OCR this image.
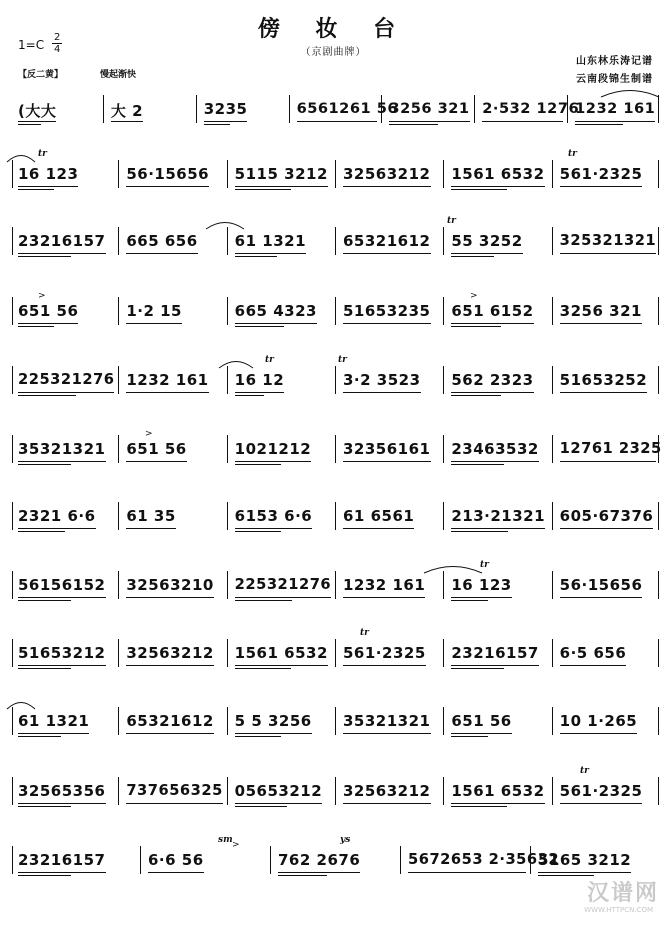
傍 妆 台
（京剧曲牌）
$1=C \frac{2}{4}$
【反二黄】	慢起渐快
山东林乐涛记谱
云南段锦生制谱
(大大	大 2	3235	6561261 56
3256 321 2·532 1276
1232 161
16 123	56·15656 5115 3212 32563212 1561 6532 561·2325
tr	tr
23216157 665 656 61 1321 65321612 55 3252	325321321
tr
651 56	1·2 15	665 4323 51653235 651 6152 3256 321
>	>
225321276 1232 161 16 12	3·2 3523 562 2323 51653252
tr	tr
35321321 651 56	1021212 32356161 23463532 12761 2325
>
2321 6·6 61 35	6153 6·6 61 6561 213·21321 605·67376
56156152 32563210 225321276 1232 161 16 123	56·15656
tr
51653212 32563212 1561 6532 561·2325 23216157 6·5 656
tr
61 1321 65321612 5 5 3256 35321321 651 56	10 1·265
32565356 737656325 05653212 32563212 1561 6532 561·2325
tr
23216157	6·6 56	762 2676	5672653 2·35632
5165 3212
sm	ys
>
汉谱网
WWW.HTTPCN.COM
